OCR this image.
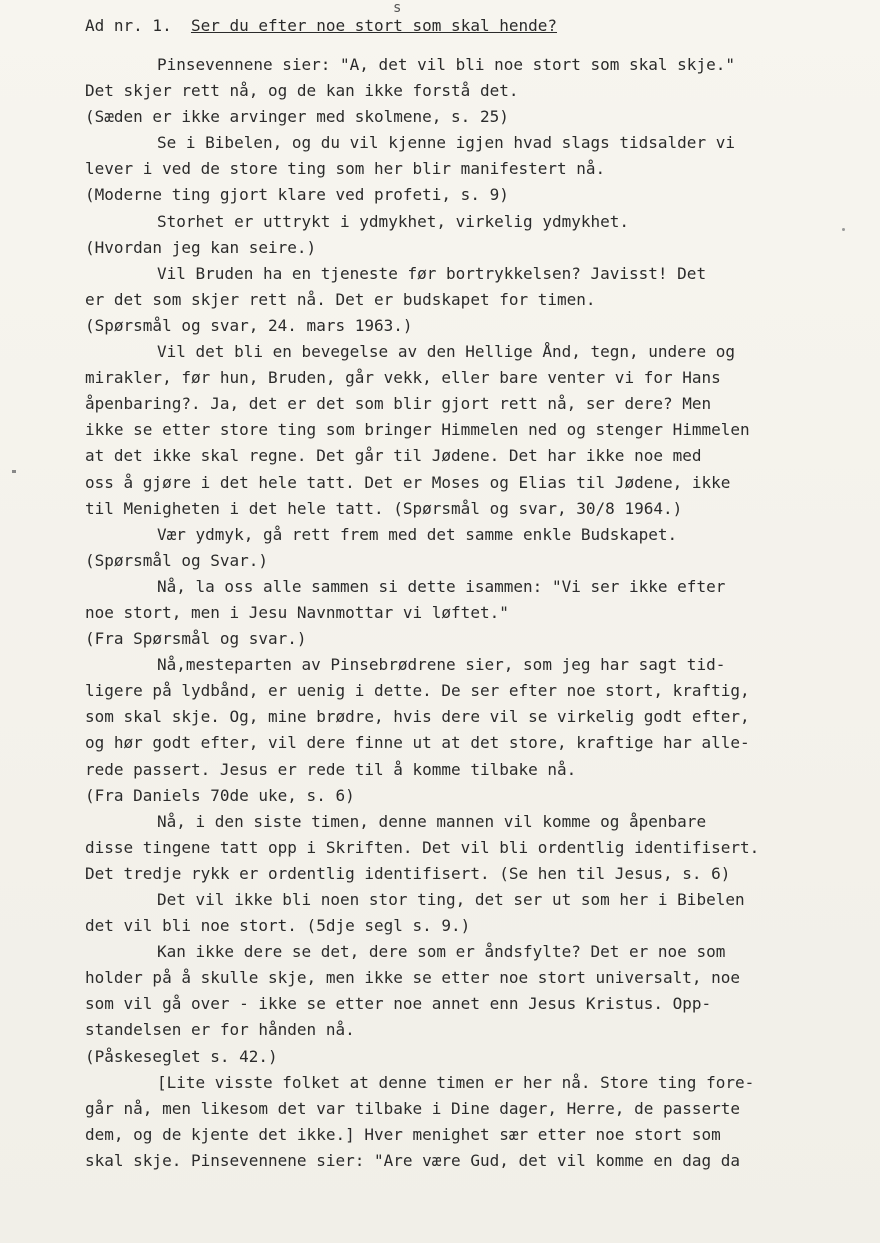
s
Ad nr. 1. Ser du efter noe stort som skal hende?
Pinsevennene sier: "A, det vil bli noe stort som skal skje."
Det skjer rett nå, og de kan ikke forstå det.
(Sæden er ikke arvinger med skolmene, s. 25)
Se i Bibelen, og du vil kjenne igjen hvad slags tidsalder vi
lever i ved de store ting som her blir manifestert nå.
(Moderne ting gjort klare ved profeti, s. 9)
Storhet er uttrykt i ydmykhet, virkelig ydmykhet.
(Hvordan jeg kan seire.)
Vil Bruden ha en tjeneste før bortrykkelsen? Javisst! Det
er det som skjer rett nå. Det er budskapet for timen.
(Spørsmål og svar, 24. mars 1963.)
Vil det bli en bevegelse av den Hellige Ånd, tegn, undere og
mirakler, før hun, Bruden, går vekk, eller bare venter vi for Hans
åpenbaring?. Ja, det er det som blir gjort rett nå, ser dere? Men
ikke se etter store ting som bringer Himmelen ned og stenger Himmelen
at det ikke skal regne. Det går til Jødene. Det har ikke noe med
oss å gjøre i det hele tatt. Det er Moses og Elias til Jødene, ikke
til Menigheten i det hele tatt. (Spørsmål og svar, 30/8 1964.)
Vær ydmyk, gå rett frem med det samme enkle Budskapet.
(Spørsmål og Svar.)
Nå, la oss alle sammen si dette isammen: "Vi ser ikke efter
noe stort, men i Jesu Navnmottar vi løftet."
(Fra Spørsmål og svar.)
Nå,mesteparten av Pinsebrødrene sier, som jeg har sagt tid-
ligere på lydbånd, er uenig i dette. De ser efter noe stort, kraftig,
som skal skje. Og, mine brødre, hvis dere vil se virkelig godt efter,
og hør godt efter, vil dere finne ut at det store, kraftige har alle-
rede passert. Jesus er rede til å komme tilbake nå.
(Fra Daniels 70de uke, s. 6)
Nå, i den siste timen, denne mannen vil komme og åpenbare
disse tingene tatt opp i Skriften. Det vil bli ordentlig identifisert.
Det tredje rykk er ordentlig identifisert. (Se hen til Jesus, s. 6)
Det vil ikke bli noen stor ting, det ser ut som her i Bibelen
det vil bli noe stort. (5dje segl s. 9.)
Kan ikke dere se det, dere som er åndsfylte? Det er noe som
holder på å skulle skje, men ikke se etter noe stort universalt, noe
som vil gå over - ikke se etter noe annet enn Jesus Kristus. Opp-
standelsen er for hånden nå.
(Påskeseglet s. 42.)
[Lite visste folket at denne timen er her nå. Store ting fore-
går nå, men likesom det var tilbake i Dine dager, Herre, de passerte
dem, og de kjente det ikke.] Hver menighet sær etter noe stort som
skal skje. Pinsevennene sier: "Are være Gud, det vil komme en dag da
